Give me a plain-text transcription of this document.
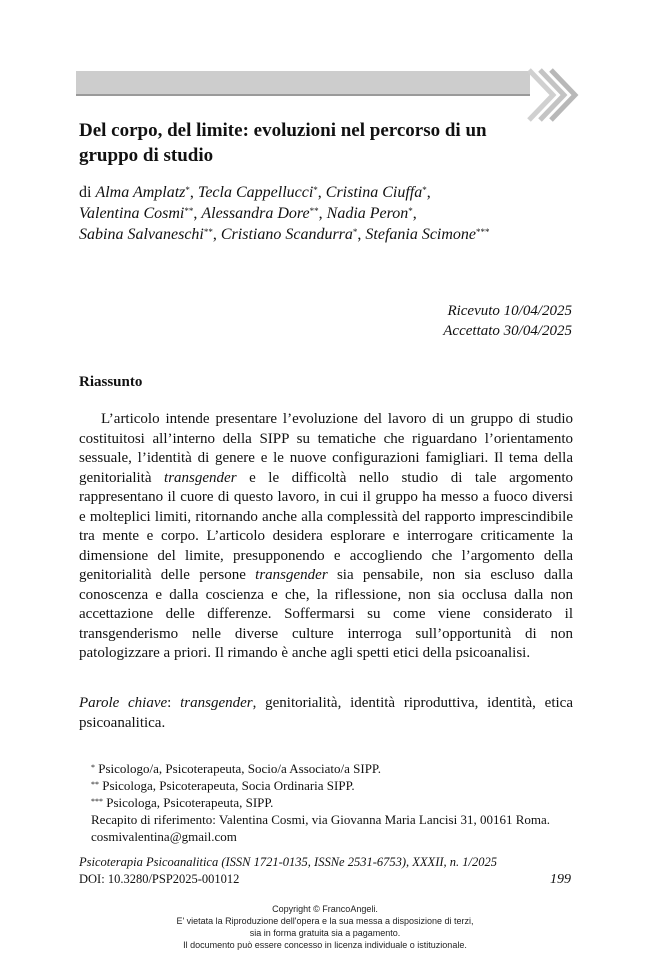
Del corpo, del limite: evoluzioni nel percorso di un gruppo di studio
di Alma Amplatz*, Tecla Cappellucci*, Cristina Ciuffa*,
Valentina Cosmi**, Alessandra Dore**, Nadia Peron*,
Sabina Salvaneschi**, Cristiano Scandurra*, Stefania Scimone***
Ricevuto 10/04/2025
Accettato 30/04/2025
Riassunto

L’articolo intende presentare l’evoluzione del lavoro di un gruppo di studio costituitosi all’interno della SIPP su tematiche che riguardano l’orientamento sessuale, l’identità di genere e le nuove configurazioni famigliari. Il tema della genitorialità transgender e le difficoltà nello studio di tale argomento rappresentano il cuore di questo lavoro, in cui il gruppo ha messo a fuoco diversi e molteplici limiti, ritornando anche alla complessità del rapporto imprescindibile tra mente e corpo. L’articolo desidera esplorare e interrogare criticamente la dimensione del limite, presupponendo e accogliendo che l’argomento della genitorialità delle persone transgender sia pensabile, non sia escluso dalla conoscenza e dalla coscienza e che, la riflessione, non sia occlusa dalla non accettazione delle differenze. Soffermarsi su come viene considerato il transgenderismo nelle diverse culture interroga sull’opportunità di non patologizzare a priori. Il rimando è anche agli spetti etici della psicoanalisi.

Parole chiave: transgender, genitorialità, identità riproduttiva, identità, etica psicoanalitica.

* Psicologo/a, Psicoterapeuta, Socio/a Associato/a SIPP.
** Psicologa, Psicoterapeuta, Socia Ordinaria SIPP.
*** Psicologa, Psicoterapeuta, SIPP.
Recapito di riferimento: Valentina Cosmi, via Giovanna Maria Lancisi 31, 00161 Roma. cosmivalentina@gmail.com
Psicoterapia Psicoanalitica (ISSN 1721-0135, ISSNe 2531-6753), XXXII, n. 1/2025
DOI: 10.3280/PSP2025-001012	199
Copyright © FrancoAngeli.
E' vietata la Riproduzione dell'opera e la sua messa a disposizione di terzi,
sia in forma gratuita sia a pagamento.
Il documento può essere concesso in licenza individuale o istituzionale.
